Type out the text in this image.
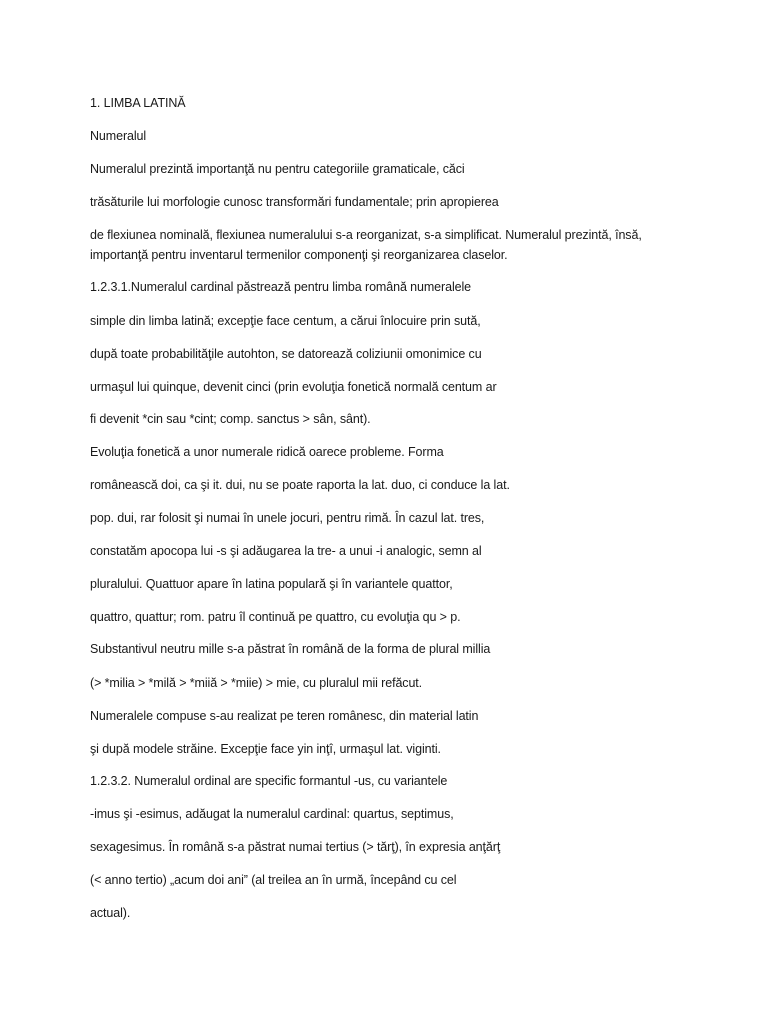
1. LIMBA LATINĂ

Numeralul

Numeralul prezintă importanţă nu pentru categoriile gramaticale, căci

trăsăturile lui morfologie cunosc transformări fundamentale; prin apropierea

de flexiunea nominală, flexiunea numeralului s-a reorganizat, s-a simplificat. Numeralul prezintă, însă,

importanţă pentru inventarul termenilor componenţi şi reorganizarea claselor.

1.2.3.1.Numeralul cardinal păstrează pentru limba română numeralele

simple din limba latină; excepţie face centum, a cărui înlocuire prin sută,

după toate probabilităţile autohton, se datorează coliziunii omonimice cu

urmaşul lui quinque, devenit cinci (prin evoluţia fonetică normală centum ar

fi devenit *cin sau *cint; comp. sanctus > sân, sânt).

Evoluţia fonetică a unor numerale ridică oarece probleme. Forma

românească doi, ca şi it. dui, nu se poate raporta la lat. duo, ci conduce la lat.

pop. dui, rar folosit şi numai în unele jocuri, pentru rimă. În cazul lat. tres,

constatăm apocopa lui -s şi adăugarea la tre- a unui -i analogic, semn al

pluralului. Quattuor apare în latina populară şi în variantele quattor,

quattro, quattur; rom. patru îl continuă pe quattro, cu evoluţia qu > p.

Substantivul neutru mille s-a păstrat în română de la forma de plural millia

(> *milia > *milă > *miiă > *miie) > mie, cu pluralul mii refăcut.

Numeralele compuse s-au realizat pe teren românesc, din material latin

şi după modele străine. Excepţie face yin inţî, urmaşul lat. viginti.

1.2.3.2. Numeralul ordinal are specific formantul -us, cu variantele

-imus şi -esimus, adăugat la numeralul cardinal: quartus, septimus,

sexagesimus. În română s-a păstrat numai tertius (> tărţ), în expresia anţărţ

(< anno tertio) „acum doi ani” (al treilea an în urmă, începând cu cel

actual).
